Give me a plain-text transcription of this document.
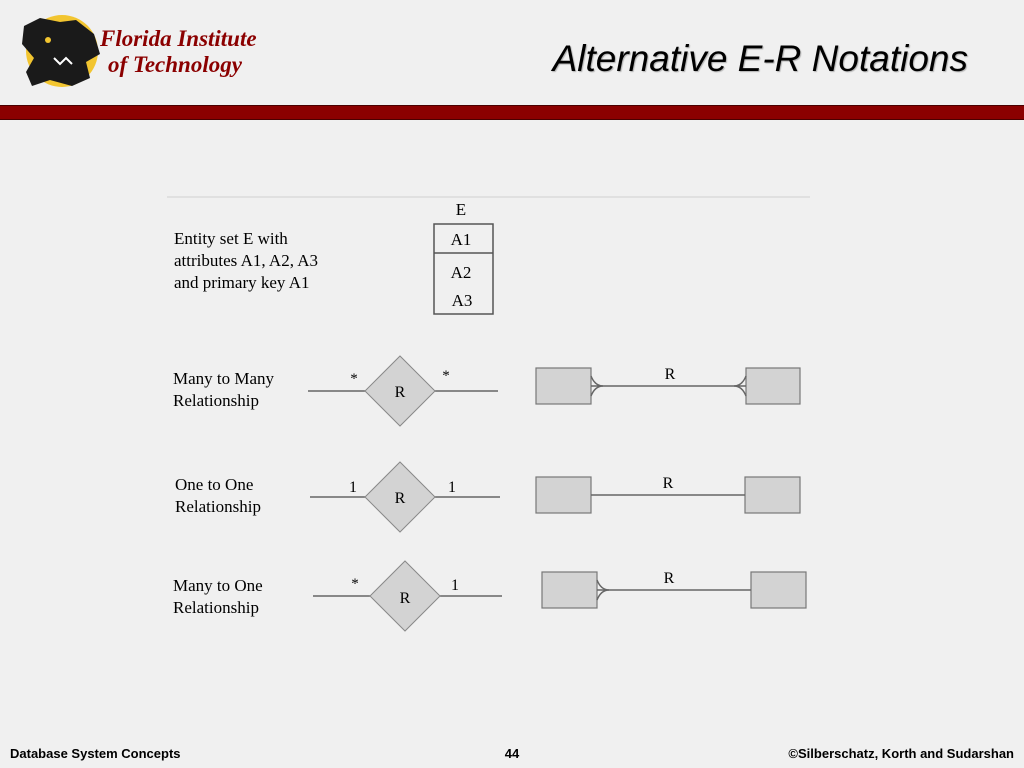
Florida Institute
of Technology	Alternative E-R Notations
Entity set E with
attributes A1, A2, A3
and primary key A1
E
A1
A2
A3
Many to Many
Relationship	R
*	*	R
One to One
Relationship	R
1	1	R
Many to One
Relationship	R
*	1	R
Database System Concepts	44	©Silberschatz, Korth and Sudarshan
